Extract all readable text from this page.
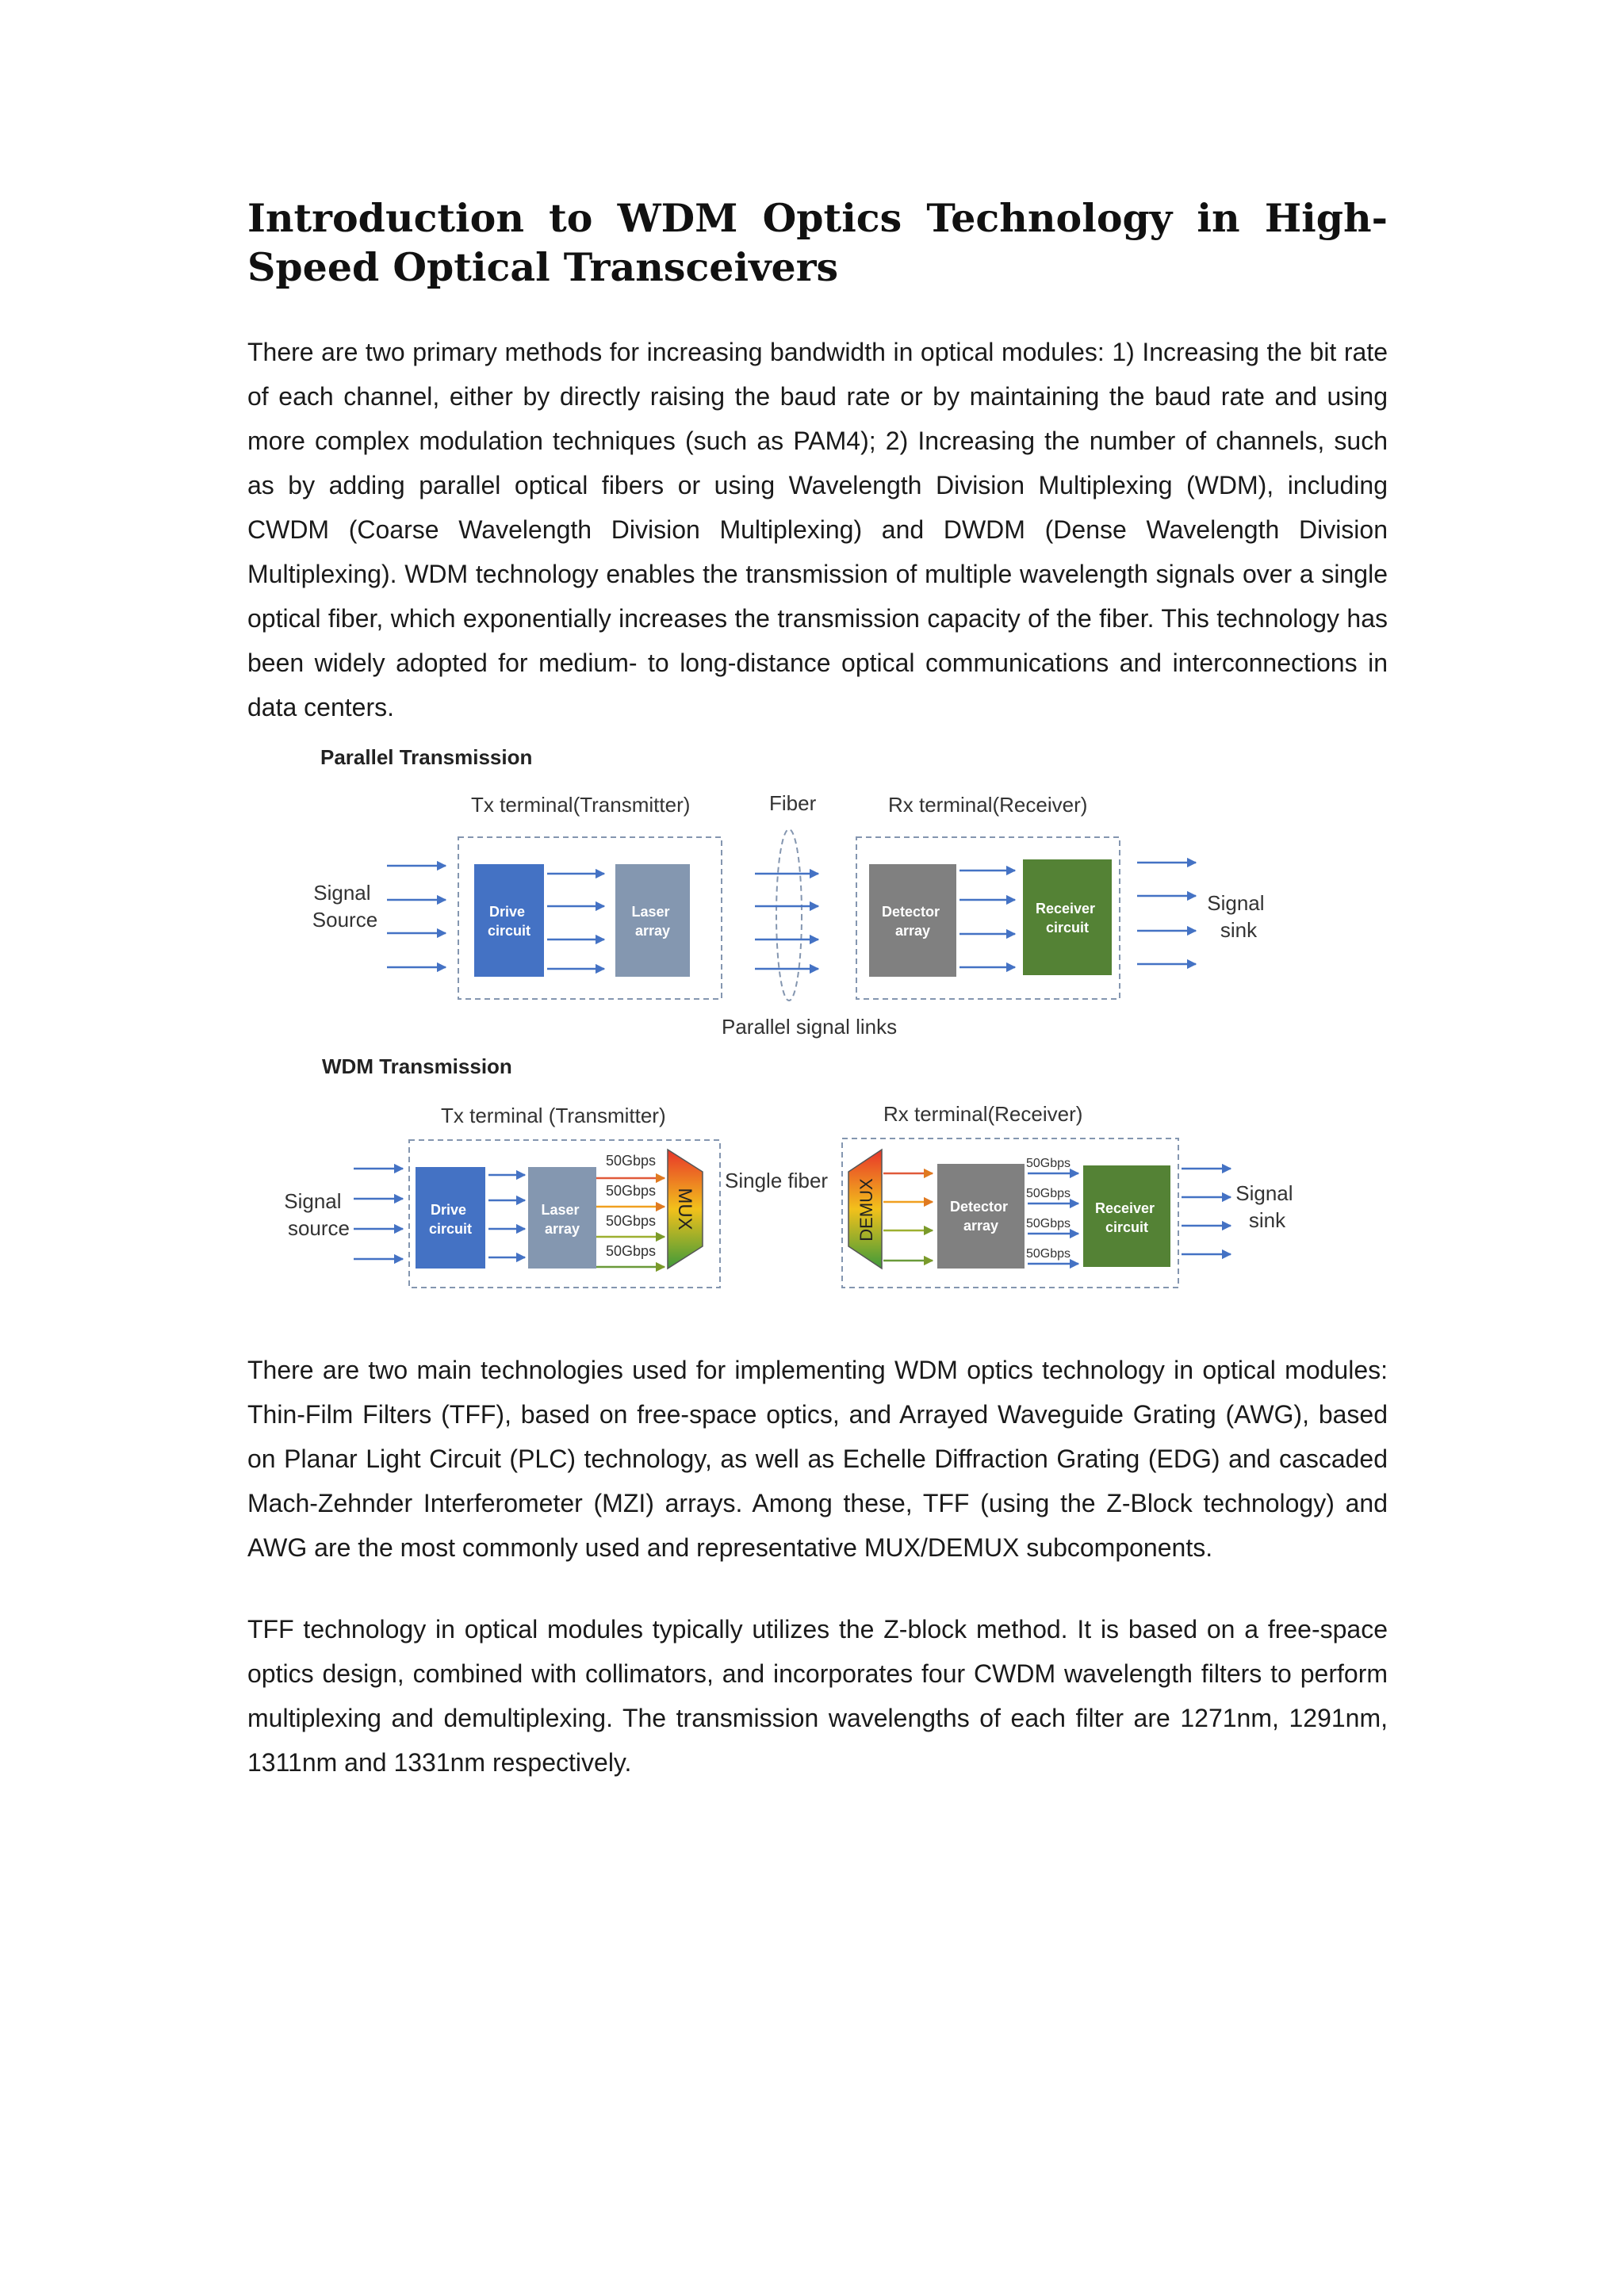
Introduction to WDM Optics Technology in High-Speed Optical Transceivers

There are two primary methods for increasing bandwidth in optical modules: 1) Increasing the bit rate of each channel, either by directly raising the baud rate or by maintaining the baud rate and using more complex modulation techniques (such as PAM4); 2) Increasing the number of channels, such as by adding parallel optical fibers or using Wavelength Division Multiplexing (WDM), including CWDM (Coarse Wavelength Division Multiplexing) and DWDM (Dense Wavelength Division Multiplexing). WDM technology enables the transmission of multiple wavelength signals over a single optical fiber, which exponentially increases the transmission capacity of the fiber. This technology has been widely adopted for medium- to long-distance optical communications and interconnections in data centers.

Parallel Transmission
Tx terminal(Transmitter)	Fiber	Rx terminal(Receiver)
Signal Source	Drive circuit
Laser array
Detector array
Receiver circuit
Signal sink
Parallel signal links
WDM Transmission
Tx terminal (Transmitter)	Rx terminal(Receiver)
Signal source
Drive circuit
Laser array
50Gbps
50Gbps
50Gbps
50Gbps
MUX
Single fiber DEMUX	Detector array
50Gbps
50Gbps
50Gbps
50Gbps
Receiver circuit
Signal sink

There are two main technologies used for implementing WDM optics technology in optical modules: Thin-Film Filters (TFF), based on free-space optics, and Arrayed Waveguide Grating (AWG), based on Planar Light Circuit (PLC) technology, as well as Echelle Diffraction Grating (EDG) and cascaded Mach-Zehnder Interferometer (MZI) arrays. Among these, TFF (using the Z-Block technology) and AWG are the most commonly used and representative MUX/DEMUX subcomponents.

TFF technology in optical modules typically utilizes the Z-block method. It is based on a free-space optics design, combined with collimators, and incorporates four CWDM wavelength filters to perform multiplexing and demultiplexing. The transmission wavelengths of each filter are 1271nm, 1291nm, 1311nm and 1331nm respectively.
